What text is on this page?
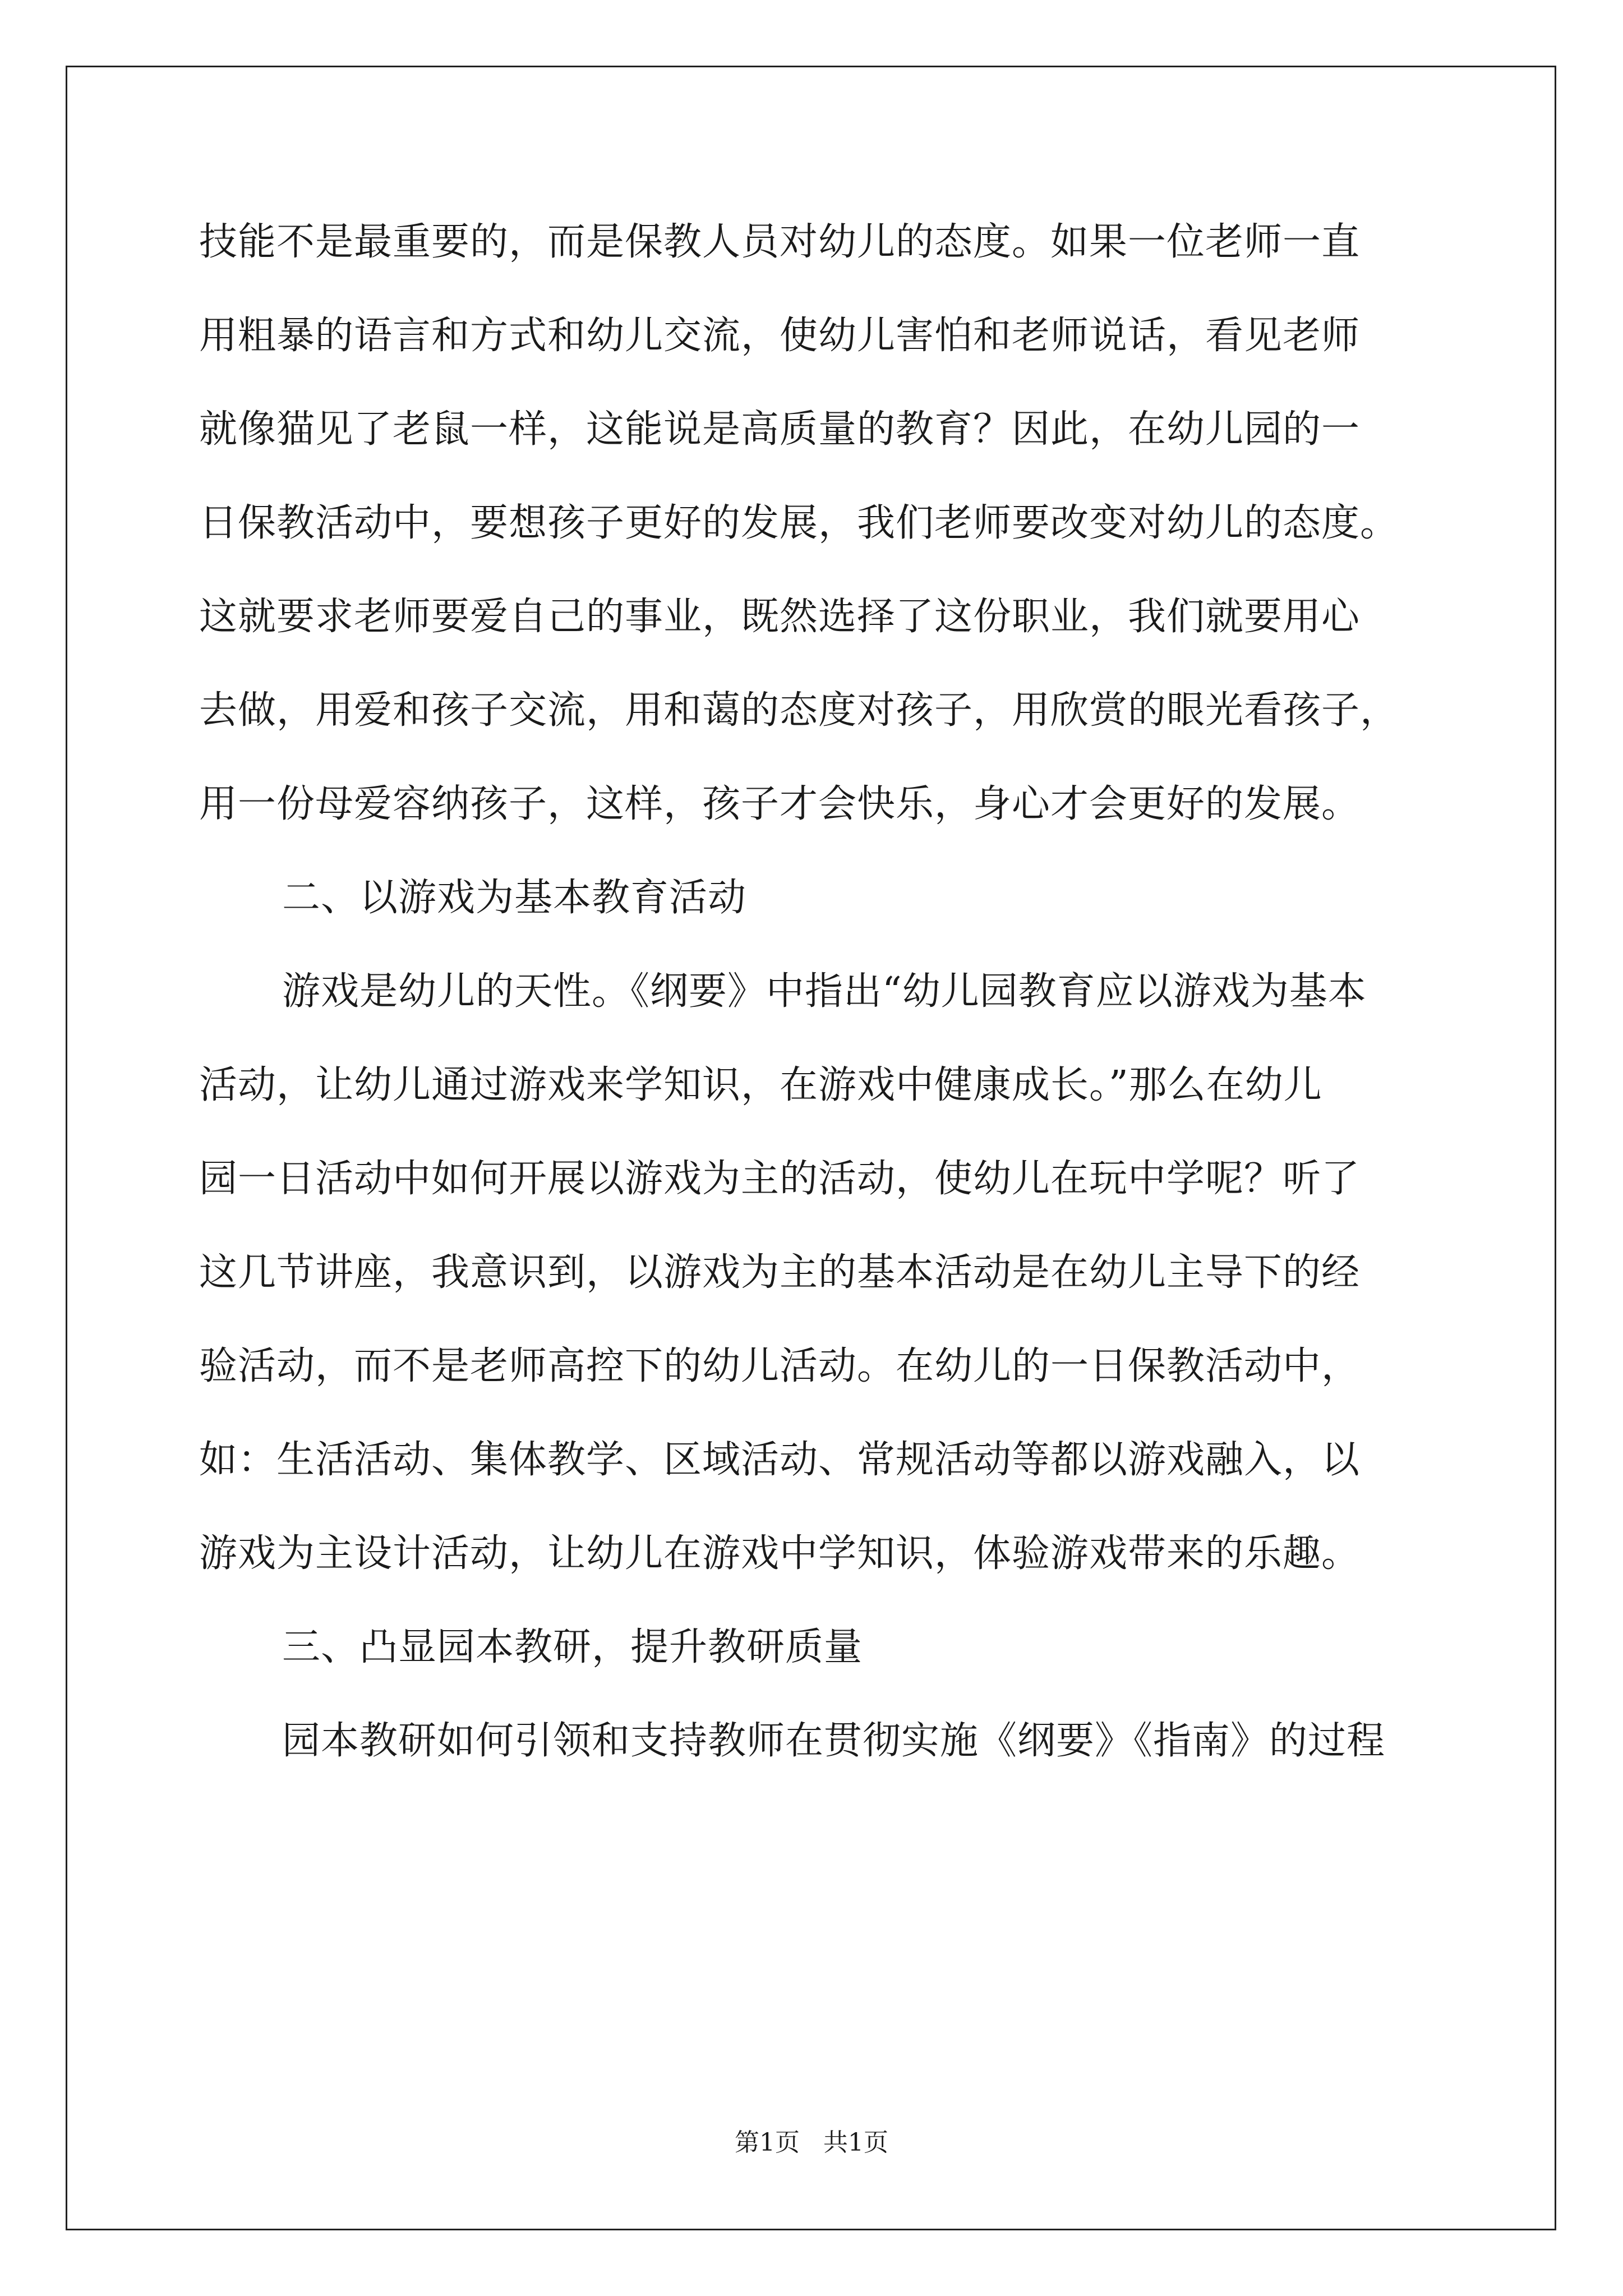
技能不是最重要的，而是保教人员对幼儿的态度。如果一位老师一直
用粗暴的语言和方式和幼儿交流，使幼儿害怕和老师说话，看见老师
就像猫见了老鼠一样，这能说是高质量的教育？因此，在幼儿园的一
日保教活动中，要想孩子更好的发展，我们老师要改变对幼儿的态度。
这就要求老师要爱自己的事业，既然选择了这份职业，我们就要用心
去做，用爱和孩子交流，用和蔼的态度对孩子，用欣赏的眼光看孩子，
用一份母爱容纳孩子，这样，孩子才会快乐，身心才会更好的发展。
二、以游戏为基本教育活动
游戏是幼儿的天性。《纲要》中指出“幼儿园教育应以游戏为基本
活动，让幼儿通过游戏来学知识，在游戏中健康成长。”那么在幼儿
园一日活动中如何开展以游戏为主的活动，使幼儿在玩中学呢？听了
这几节讲座，我意识到，以游戏为主的基本活动是在幼儿主导下的经
验活动，而不是老师高控下的幼儿活动。在幼儿的一日保教活动中，
如：生活活动、集体教学、区域活动、常规活动等都以游戏融入，以
游戏为主设计活动，让幼儿在游戏中学知识，体验游戏带来的乐趣。
三、凸显园本教研，提升教研质量
园本教研如何引领和支持教师在贯彻实施《纲要》《指南》的过程
第1页 共1页
